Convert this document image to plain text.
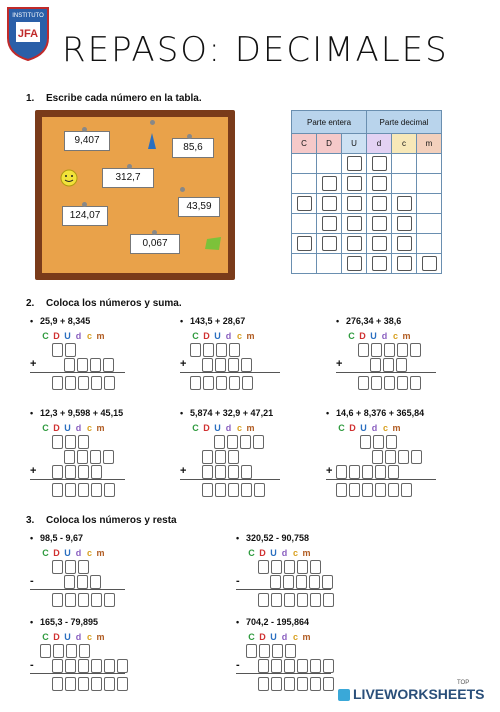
INSTITUTO
JFA REPASO: DECIMALES
1. Escribe cada número en la tabla.
9,407
85,6
312,7
124,07
43,59
0,067
Parte entera			Parte decimal		
C	D	U	d	c	m

2. Coloca los números y suma.
3. Coloca los números y resta
• 25,9 + 8,345
C D U d c m
+
• 143,5 + 28,67
C D U d c m
+
• 276,34 + 38,6
C D U d c m
+
• 12,3 + 9,598 + 45,15
C D U d c m
+
• 5,874 + 32,9 + 47,21
C D U d c m
+
• 14,6 + 8,376 + 365,84
C D U d c m
+
• 98,5 - 9,67
C D U d c m
-
• 320,52 - 90,758
C D U d c m
-
• 165,3 - 79,895
C D U d c m
-
• 704,2 - 195,864
C D U d c m
-
LIVEWORKSHEETS
TOP
